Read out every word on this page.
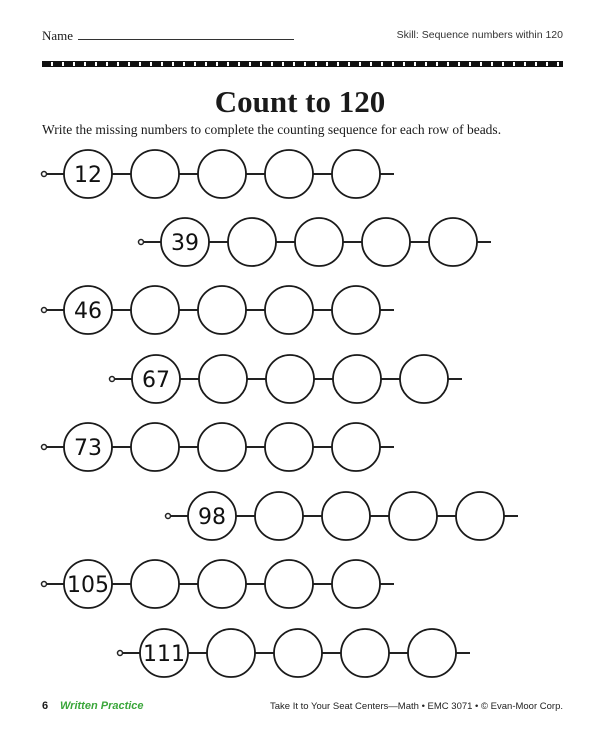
Name	Skill: Sequence numbers within 120
Count to 120
Write the missing numbers to complete the counting sequence for each row of beads.
12
39
46
67
73
98
105
111
6 Written Practice	Take It to Your Seat Centers—Math • EMC 3071 • © Evan-Moor Corp.
